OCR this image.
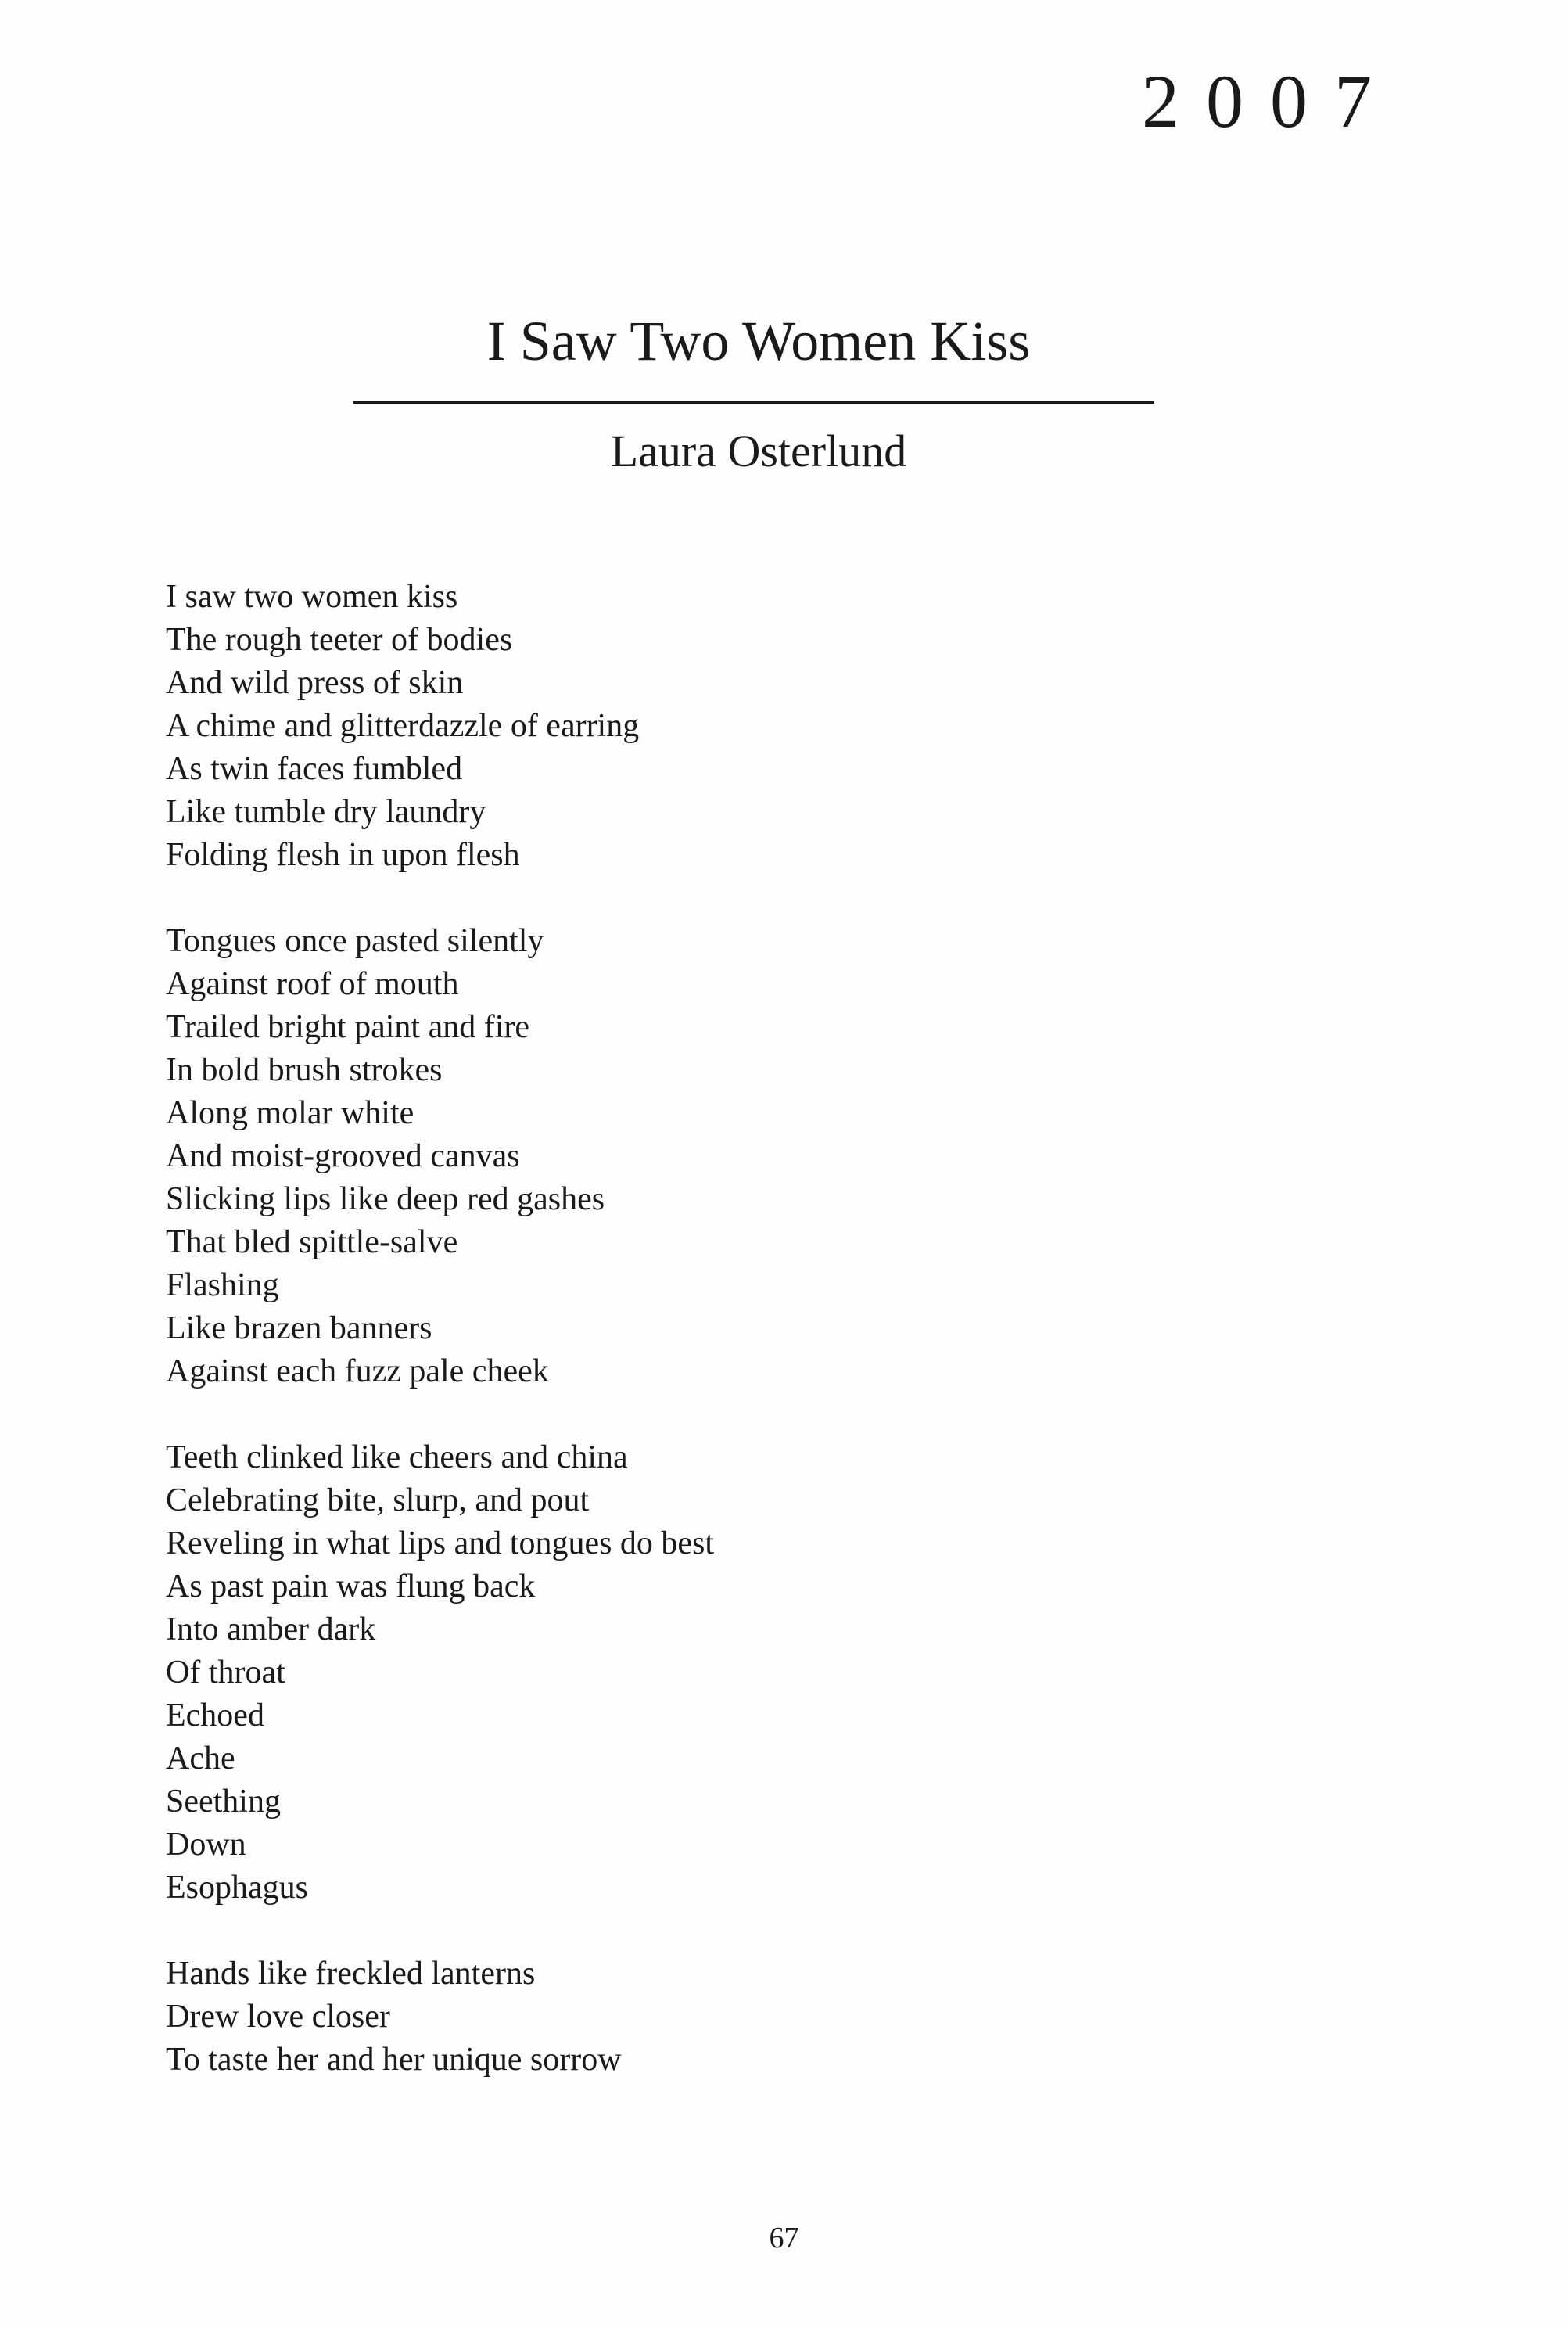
2007
I Saw Two Women Kiss
Laura Osterlund
I saw two women kiss
The rough teeter of bodies
And wild press of skin
A chime and glitterdazzle of earring
As twin faces fumbled
Like tumble dry laundry
Folding flesh in upon flesh
Tongues once pasted silently
Against roof of mouth
Trailed bright paint and fire
In bold brush strokes
Along molar white
And moist-grooved canvas
Slicking lips like deep red gashes
That bled spittle-salve
Flashing
Like brazen banners
Against each fuzz pale cheek
Teeth clinked like cheers and china
Celebrating bite, slurp, and pout
Reveling in what lips and tongues do best
As past pain was flung back
Into amber dark
Of throat
Echoed
Ache
Seething
Down
Esophagus
Hands like freckled lanterns
Drew love closer
To taste her and her unique sorrow
67
